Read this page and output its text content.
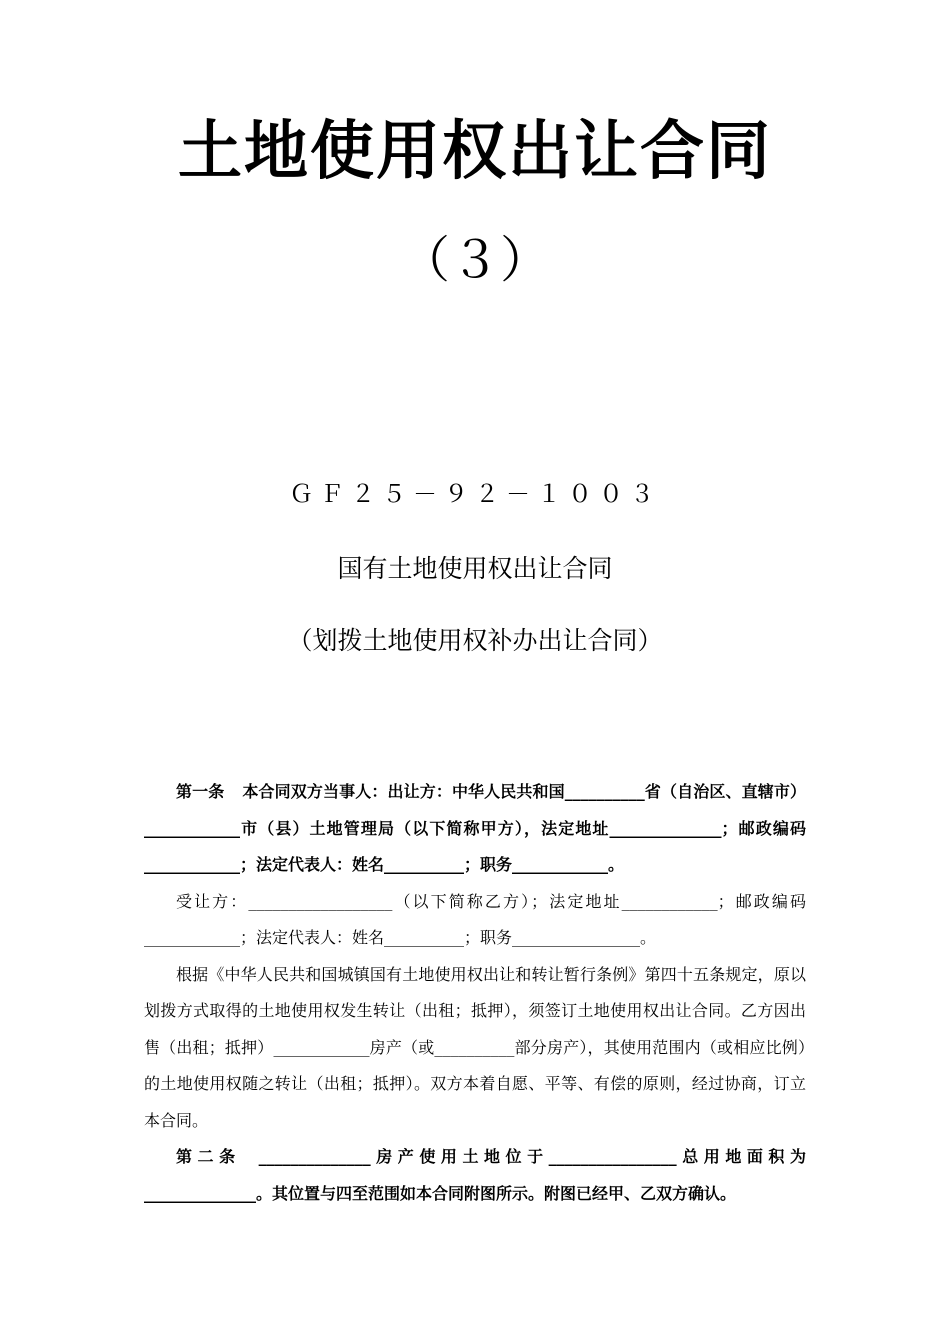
土地使用权出让合同
（３）
ＧＦ２５－９２－１００３
国有土地使用权出让合同
（划拨土地使用权补办出让合同）

第一条 本合同双方当事人：出让方：中华人民共和国__________省（自治区、直辖市）____________市（县）土地管理局（以下简称甲方），法定地址______________；邮政编码____________；法定代表人：姓名__________；职务____________。

受让方：__________________（以下简称乙方）；法定地址____________；邮政编码____________；法定代表人：姓名__________；职务________________。

根据《中华人民共和国城镇国有土地使用权出让和转让暂行条例》第四十五条规定，原以划拨方式取得的土地使用权发生转让（出租；抵押），须签订土地使用权出让合同。乙方因出售（出租；抵押）____________房产（或__________部分房产），其使用范围内（或相应比例）的土地使用权随之转让（出租；抵押）。双方本着自愿、平等、有偿的原则，经过协商，订立本合同。

第二条 ______________房产使用土地位于________________总用地面积为______________。其位置与四至范围如本合同附图所示。附图已经甲、乙双方确认。
